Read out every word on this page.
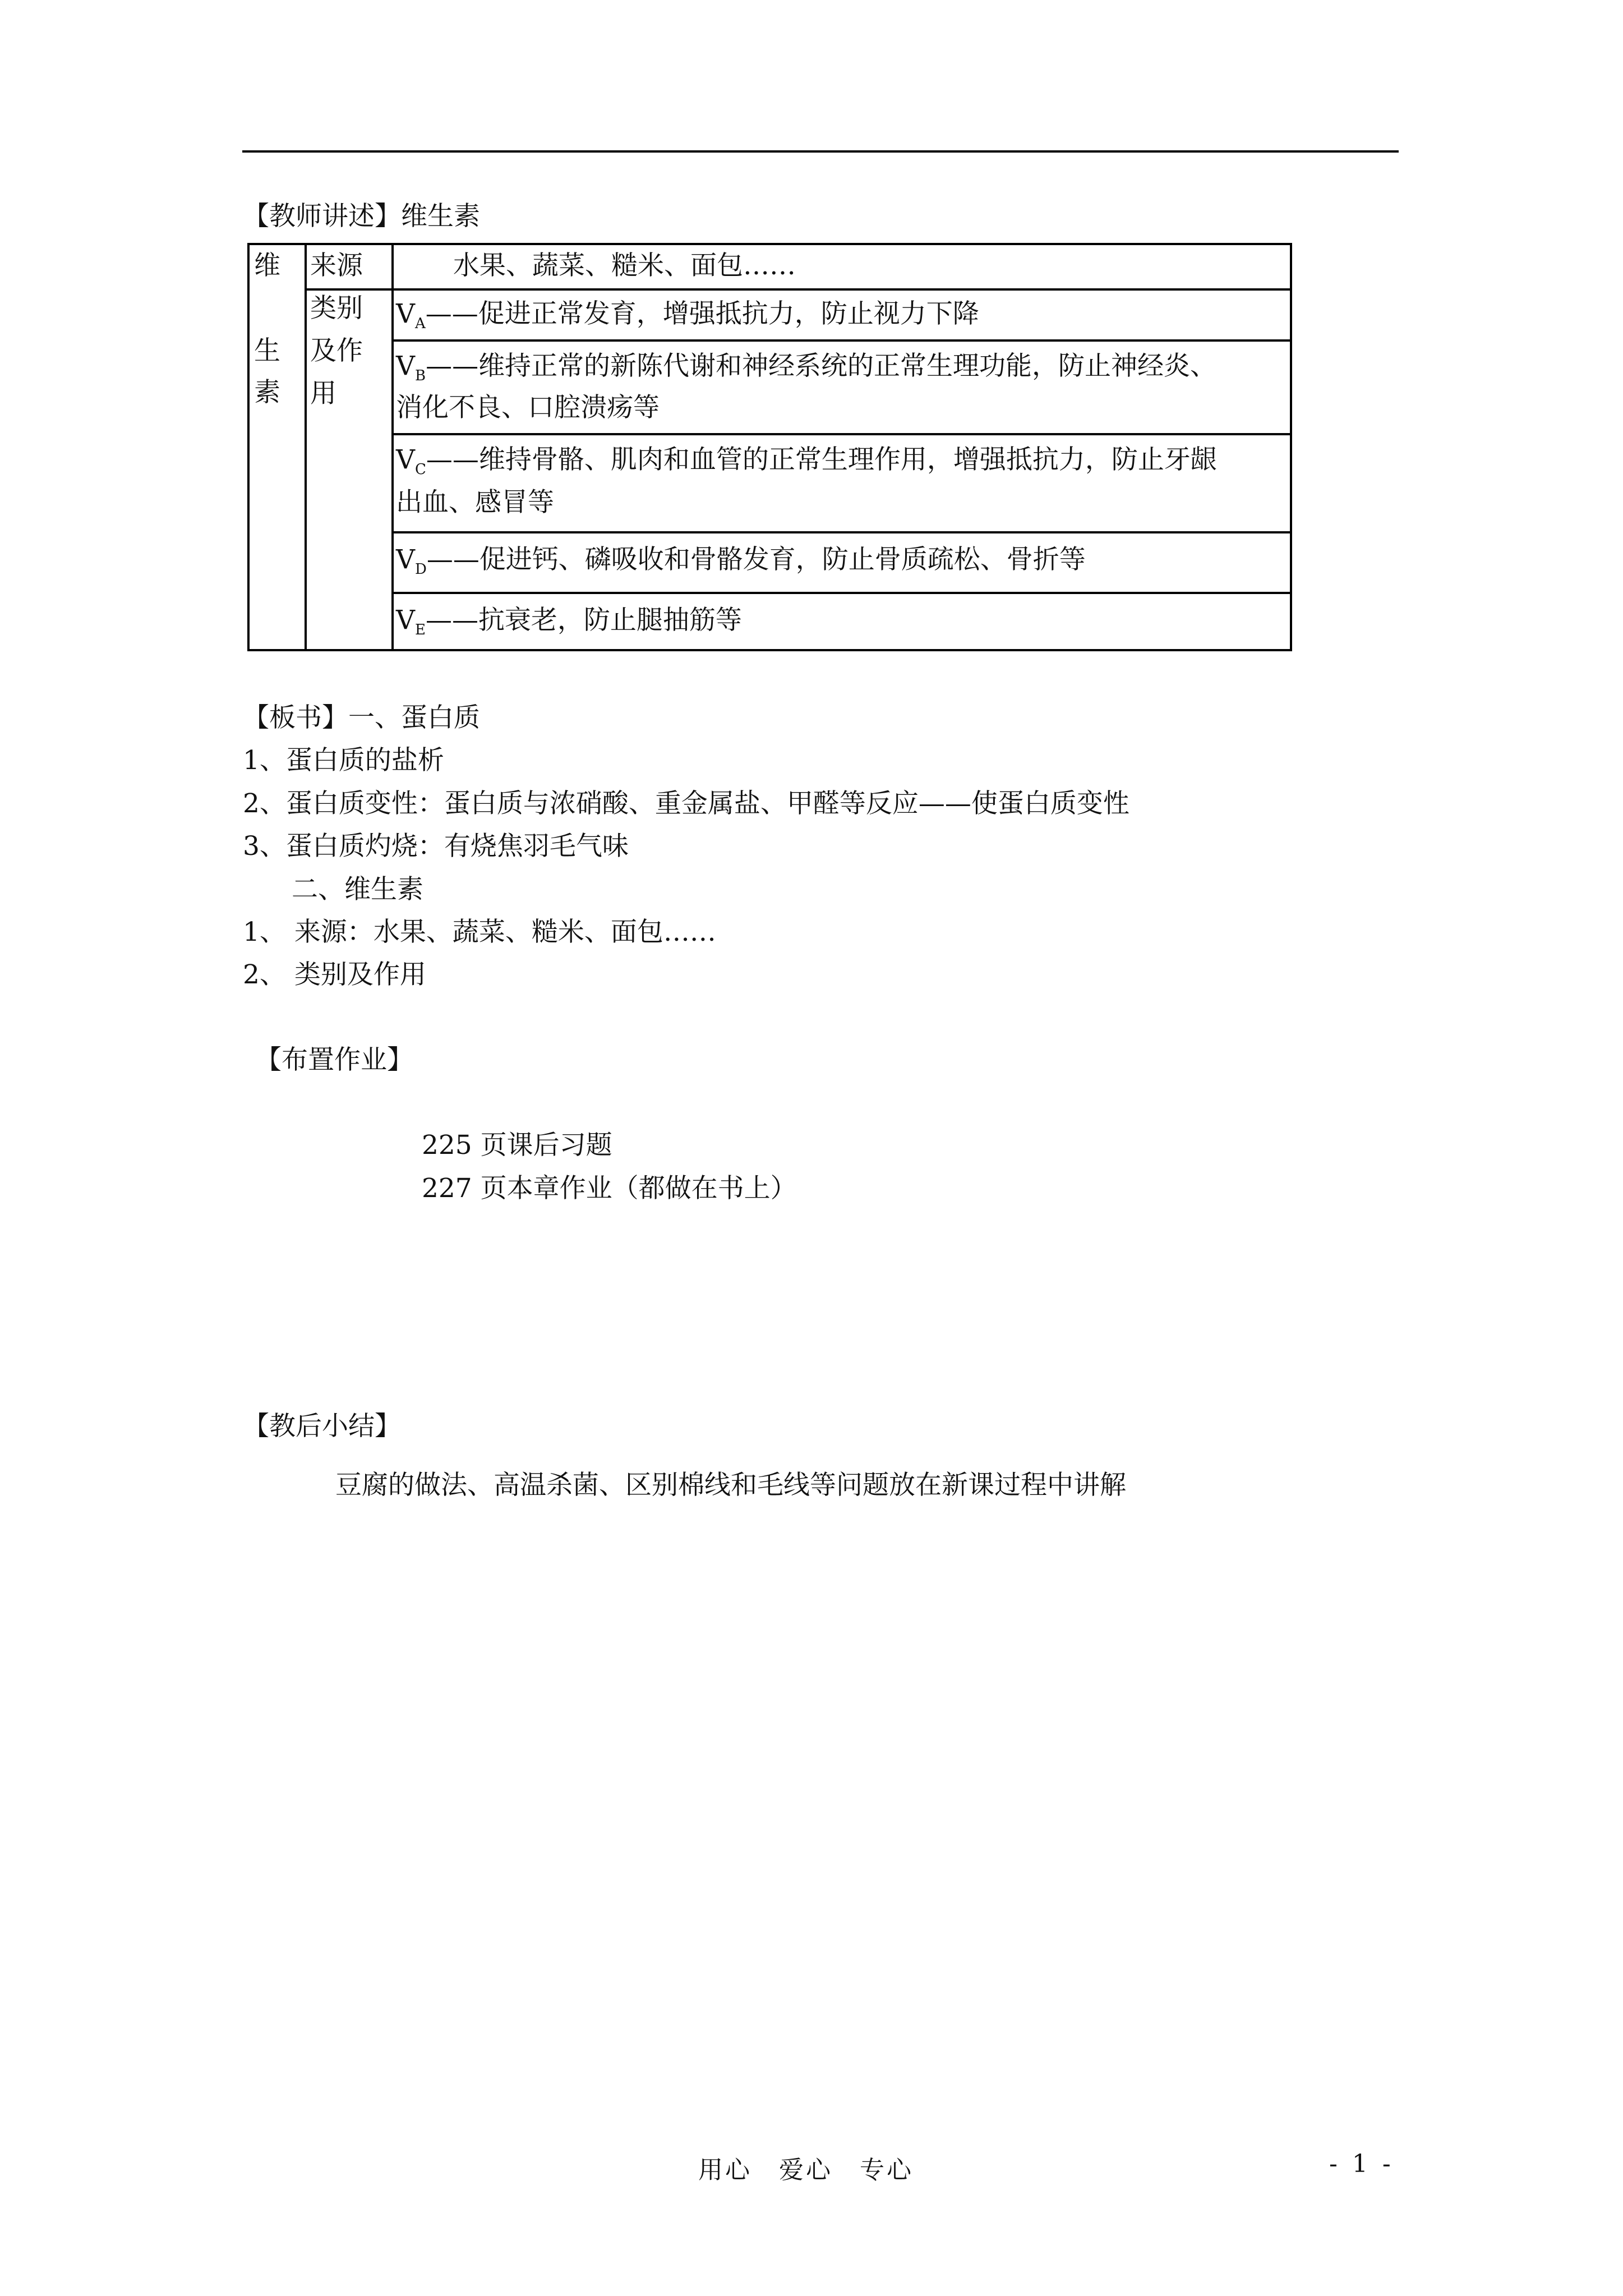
【教师讲述】维生素
维
生
素
来源	水果、蔬菜、糙米、面包……
类别
及作
用
$V_A——$促进正常发育，增强抵抗力，防止视力下降
$V_B——$维持正常的新陈代谢和神经系统的正常生理功能，防止神经炎、
消化不良、口腔溃疡等
$V_C——$维持骨骼、肌肉和血管的正常生理作用，增强抵抗力，防止牙龈
出血、感冒等
$V_D——$促进钙、磷吸收和骨骼发育，防止骨质疏松、骨折等
$V_E——$抗衰老，防止腿抽筋等
【板书】一、蛋白质
1、蛋白质的盐析
2、蛋白质变性：蛋白质与浓硝酸、重金属盐、甲醛等反应——使蛋白质变性
3、蛋白质灼烧：有烧焦羽毛气味
二、维生素
1、 来源：水果、蔬菜、糙米、面包……
2、 类别及作用
【布置作业】
225 页课后习题
227 页本章作业（都做在书上）
【教后小结】
豆腐的做法、高温杀菌、区别棉线和毛线等问题放在新课过程中讲解
用心　爱心　专心	- 1 -
